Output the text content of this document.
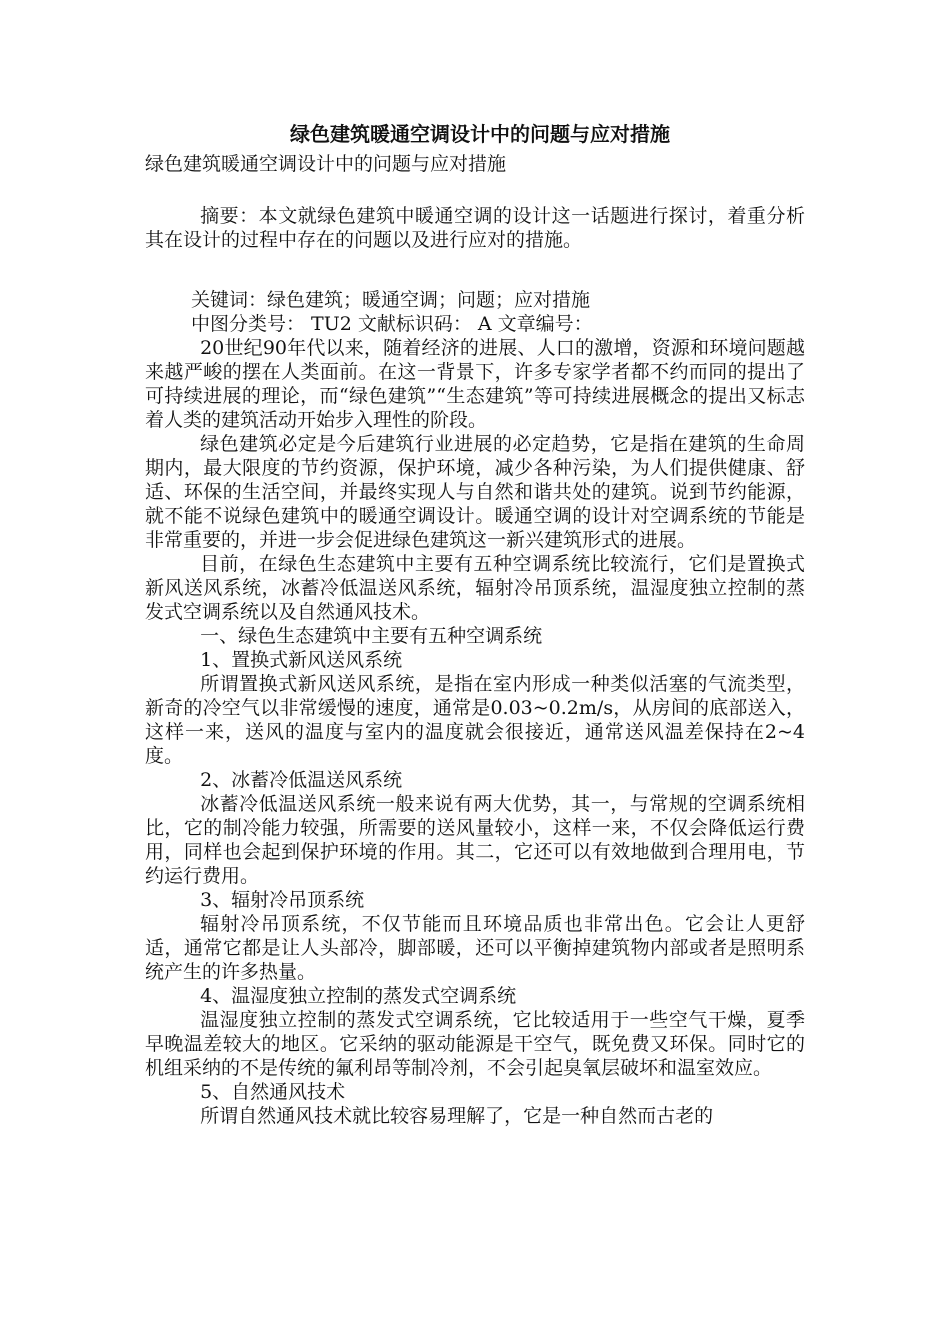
绿色建筑暖通空调设计中的问题与应对措施

绿色建筑暖通空调设计中的问题与应对措施

摘要：本文就绿色建筑中暖通空调的设计这一话题进行探讨，着重分析其在设计的过程中存在的问题以及进行应对的措施。

关键词：绿色建筑；暖通空调；问题；应对措施

中图分类号： TU2 文献标识码： A 文章编号：

20世纪90年代以来，随着经济的进展、人口的激增，资源和环境问题越来越严峻的摆在人类面前。在这一背景下，许多专家学者都不约而同的提出了可持续进展的理论，而“绿色建筑”“生态建筑”等可持续进展概念的提出又标志着人类的建筑活动开始步入理性的阶段。

绿色建筑必定是今后建筑行业进展的必定趋势，它是指在建筑的生命周期内，最大限度的节约资源，保护环境，减少各种污染，为人们提供健康、舒适、环保的生活空间，并最终实现人与自然和谐共处的建筑。说到节约能源，就不能不说绿色建筑中的暖通空调设计。暖通空调的设计对空调系统的节能是非常重要的，并进一步会促进绿色建筑这一新兴建筑形式的进展。

目前，在绿色生态建筑中主要有五种空调系统比较流行，它们是置换式新风送风系统，冰蓄冷低温送风系统，辐射冷吊顶系统，温湿度独立控制的蒸发式空调系统以及自然通风技术。

一、绿色生态建筑中主要有五种空调系统

1、置换式新风送风系统

所谓置换式新风送风系统，是指在室内形成一种类似活塞的气流类型，新奇的冷空气以非常缓慢的速度，通常是0.03~0.2m/s，从房间的底部送入，这样一来，送风的温度与室内的温度就会很接近，通常送风温差保持在2~4度。

2、冰蓄冷低温送风系统

冰蓄冷低温送风系统一般来说有两大优势，其一，与常规的空调系统相比，它的制冷能力较强，所需要的送风量较小，这样一来，不仅会降低运行费用，同样也会起到保护环境的作用。其二，它还可以有效地做到合理用电，节约运行费用。

3、辐射冷吊顶系统

辐射冷吊顶系统，不仅节能而且环境品质也非常出色。它会让人更舒适，通常它都是让人头部冷，脚部暖，还可以平衡掉建筑物内部或者是照明系统产生的许多热量。

4、温湿度独立控制的蒸发式空调系统

温湿度独立控制的蒸发式空调系统，它比较适用于一些空气干燥，夏季早晚温差较大的地区。它采纳的驱动能源是干空气，既免费又环保。同时它的机组采纳的不是传统的氟利昂等制冷剂，不会引起臭氧层破坏和温室效应。

5、自然通风技术

所谓自然通风技术就比较容易理解了，它是一种自然而古老的
